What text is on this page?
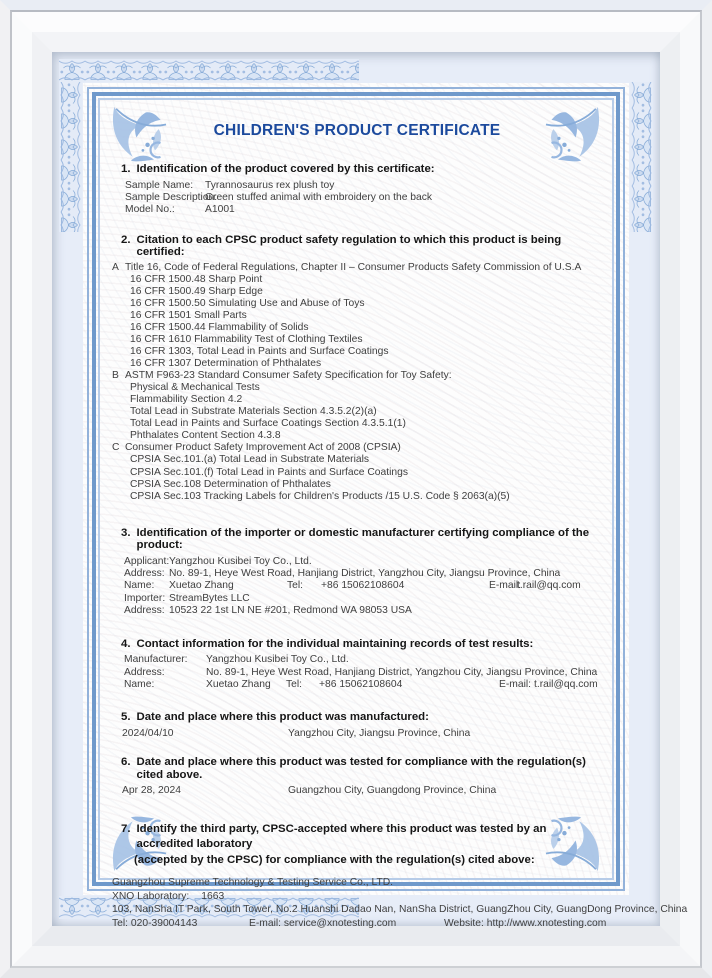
CHILDREN'S PRODUCT CERTIFICATE
1. Identification of the product covered by this certificate:
Sample Name:	Tyrannosaurus rex plush toy
Sample Description:
Green stuffed animal with embroidery on the back
Model No.:	A1001
2. Citation to each CPSC product safety regulation to which this product is being certified:
A Title 16, Code of Federal Regulations, Chapter II – Consumer Products Safety Commission of U.S.A
16 CFR 1500.48 Sharp Point
16 CFR 1500.49 Sharp Edge
16 CFR 1500.50 Simulating Use and Abuse of Toys
16 CFR 1501 Small Parts
16 CFR 1500.44 Flammability of Solids
16 CFR 1610 Flammability Test of Clothing Textiles
16 CFR 1303, Total Lead in Paints and Surface Coatings
16 CFR 1307 Determination of Phthalates
B ASTM F963-23 Standard Consumer Safety Specification for Toy Safety:
Physical & Mechanical Tests
Flammability Section 4.2
Total Lead in Substrate Materials Section 4.3.5.2(2)(a)
Total Lead in Paints and Surface Coatings Section 4.3.5.1(1)
Phthalates Content Section 4.3.8
C Consumer Product Safety Improvement Act of 2008 (CPSIA)
CPSIA Sec.101.(a) Total Lead in Substrate Materials
CPSIA Sec.101.(f) Total Lead in Paints and Surface Coatings
CPSIA Sec.108 Determination of Phthalates
CPSIA Sec.103 Tracking Labels for Children's Products /15 U.S. Code § 2063(a)(5)
3. Identification of the importer or domestic manufacturer certifying compliance of the product:
Applicant: Yangzhou Kusibei Toy Co., Ltd.
Address: No. 89-1, Heye West Road, Hanjiang District, Yangzhou City, Jiangsu Province, China
Name:	Xuetao Zhang	Tel:	+86 15062108604	E-mail:
t.rail@qq.com
Importer: StreamBytes LLC
Address: 10523 22 1st LN NE #201, Redmond WA 98053 USA
4. Contact information for the individual maintaining records of test results:
Manufacturer:	Yangzhou Kusibei Toy Co., Ltd.
Address:	No. 89-1, Heye West Road, Hanjiang District, Yangzhou City, Jiangsu Province, China
Name:	Xuetao Zhang	Tel:	+86 15062108604	E-mail: t.rail@qq.com
5. Date and place where this product was manufactured:
2024/04/10	Yangzhou City, Jiangsu Province, China
6. Date and place where this product was tested for compliance with the regulation(s) cited above.
Apr 28, 2024	Guangzhou City, Guangdong Province, China
7. Identify the third party, CPSC-accepted where this product was tested by an accredited laboratory
(accepted by the CPSC) for compliance with the regulation(s) cited above:
Guangzhou Supreme Technology & Testing Service Co., LTD.
XNO Laboratory: 1663
103, NanSha IT Park, South Tower, No.2 Huanshi Dadao Nan, NanSha District, GuangZhou City, GuangDong Province, China
Tel: 020-39004143	E-mail: service@xnotesting.com	Website: http://www.xnotesting.com
